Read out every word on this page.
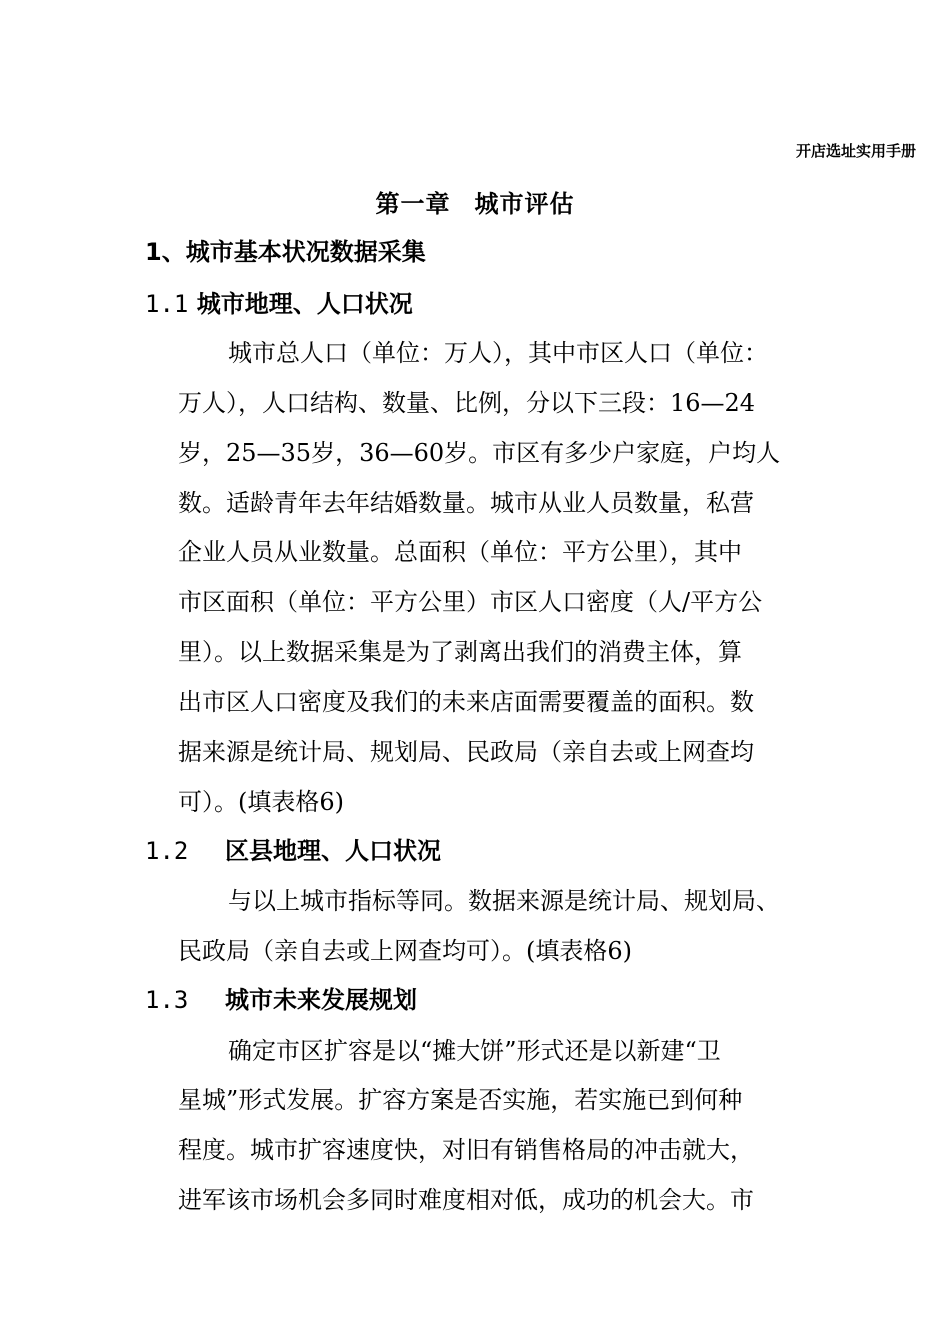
开店选址实用手册
第一章 城市评估
1、城市基本状况数据采集
1.1 城市地理、人口状况
城市总人口（单位：万人），其中市区人口（单位：
万人），人口结构、数量、比例，分以下三段：16—24
岁，25—35岁，36—60岁。市区有多少户家庭，户均人
数。适龄青年去年结婚数量。城市从业人员数量，私营
企业人员从业数量。总面积（单位：平方公里），其中
市区面积（单位：平方公里）市区人口密度（人/平方公
里）。以上数据采集是为了剥离出我们的消费主体，算
出市区人口密度及我们的未来店面需要覆盖的面积。数
据来源是统计局、规划局、民政局（亲自去或上网查均
可）。(填表格6)
1.2 区县地理、人口状况
与以上城市指标等同。数据来源是统计局、规划局、
民政局（亲自去或上网查均可）。(填表格6)
1.3 城市未来发展规划
确定市区扩容是以“摊大饼”形式还是以新建“卫
星城”形式发展。扩容方案是否实施，若实施已到何种
程度。城市扩容速度快，对旧有销售格局的冲击就大，
进军该市场机会多同时难度相对低，成功的机会大。市
